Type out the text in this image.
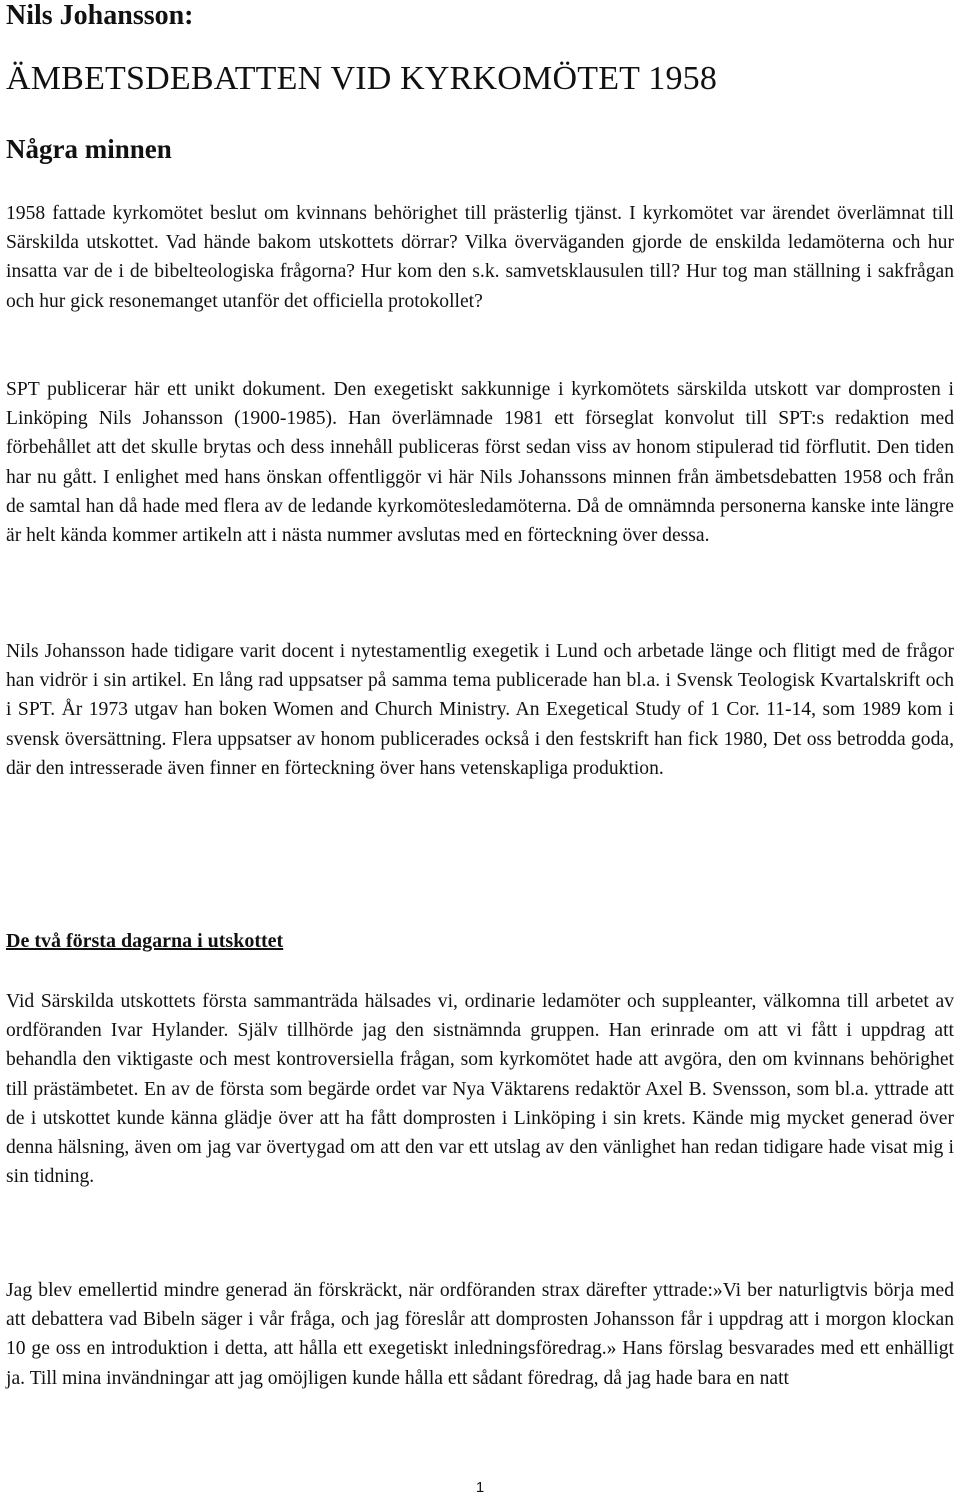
Nils Johansson:
ÄMBETSDEBATTEN VID KYRKOMÖTET 1958
Några minnen

1958 fattade kyrkomötet beslut om kvinnans behörighet till prästerlig tjänst. I kyrkomötet var ärendet överlämnat till Särskilda utskottet. Vad hände bakom utskottets dörrar? Vilka överväganden gjorde de enskilda ledamöterna och hur insatta var de i de bibelteologiska frågorna? Hur kom den s.k. samvetsklausulen till? Hur tog man ställning i sakfrågan och hur gick resonemanget utanför det officiella protokollet?

SPT publicerar här ett unikt dokument. Den exegetiskt sakkunnige i kyrkomötets särskilda utskott var domprosten i Linköping Nils Johansson (1900-1985). Han överlämnade 1981 ett förseglat konvolut till SPT:s redaktion med förbehållet att det skulle brytas och dess innehåll publiceras först sedan viss av honom stipulerad tid förflutit. Den tiden har nu gått. I enlighet med hans önskan offentliggör vi här Nils Johanssons minnen från ämbetsdebatten 1958 och från de samtal han då hade med flera av de ledande kyrkomötesledamöterna. Då de omnämnda personerna kanske inte längre är helt kända kommer artikeln att i nästa nummer avslutas med en förteckning över dessa.

Nils Johansson hade tidigare varit docent i nytestamentlig exegetik i Lund och arbetade länge och flitigt med de frågor han vidrör i sin artikel. En lång rad uppsatser på samma tema publicerade han bl.a. i Svensk Teologisk Kvartalskrift och i SPT. År 1973 utgav han boken Women and Church Ministry. An Exegetical Study of 1 Cor. 11-14, som 1989 kom i svensk översättning. Flera uppsatser av honom publicerades också i den festskrift han fick 1980, Det oss betrodda goda, där den intresserade även finner en förteckning över hans vetenskapliga produktion.

De två första dagarna i utskottet

Vid Särskilda utskottets första sammanträda hälsades vi, ordinarie ledamöter och suppleanter, välkomna till arbetet av ordföranden Ivar Hylander. Själv tillhörde jag den sistnämnda gruppen. Han erinrade om att vi fått i uppdrag att behandla den viktigaste och mest kontroversiella frågan, som kyrkomötet hade att avgöra, den om kvinnans behörighet till prästämbetet. En av de första som begärde ordet var Nya Väktarens redaktör Axel B. Svensson, som bl.a. yttrade att de i utskottet kunde känna glädje över att ha fått domprosten i Linköping i sin krets. Kände mig mycket generad över denna hälsning, även om jag var övertygad om att den var ett utslag av den vänlighet han redan tidigare hade visat mig i sin tidning.

Jag blev emellertid mindre generad än förskräckt, när ordföranden strax därefter yttrade:»Vi ber naturligtvis börja med att debattera vad Bibeln säger i vår fråga, och jag föreslår att domprosten Johansson får i uppdrag att i morgon klockan 10 ge oss en introduktion i detta, att hålla ett exegetiskt inledningsföredrag.» Hans förslag besvarades med ett enhälligt ja. Till mina invändningar att jag omöjligen kunde hålla ett sådant föredrag, då jag hade bara en natt

1
